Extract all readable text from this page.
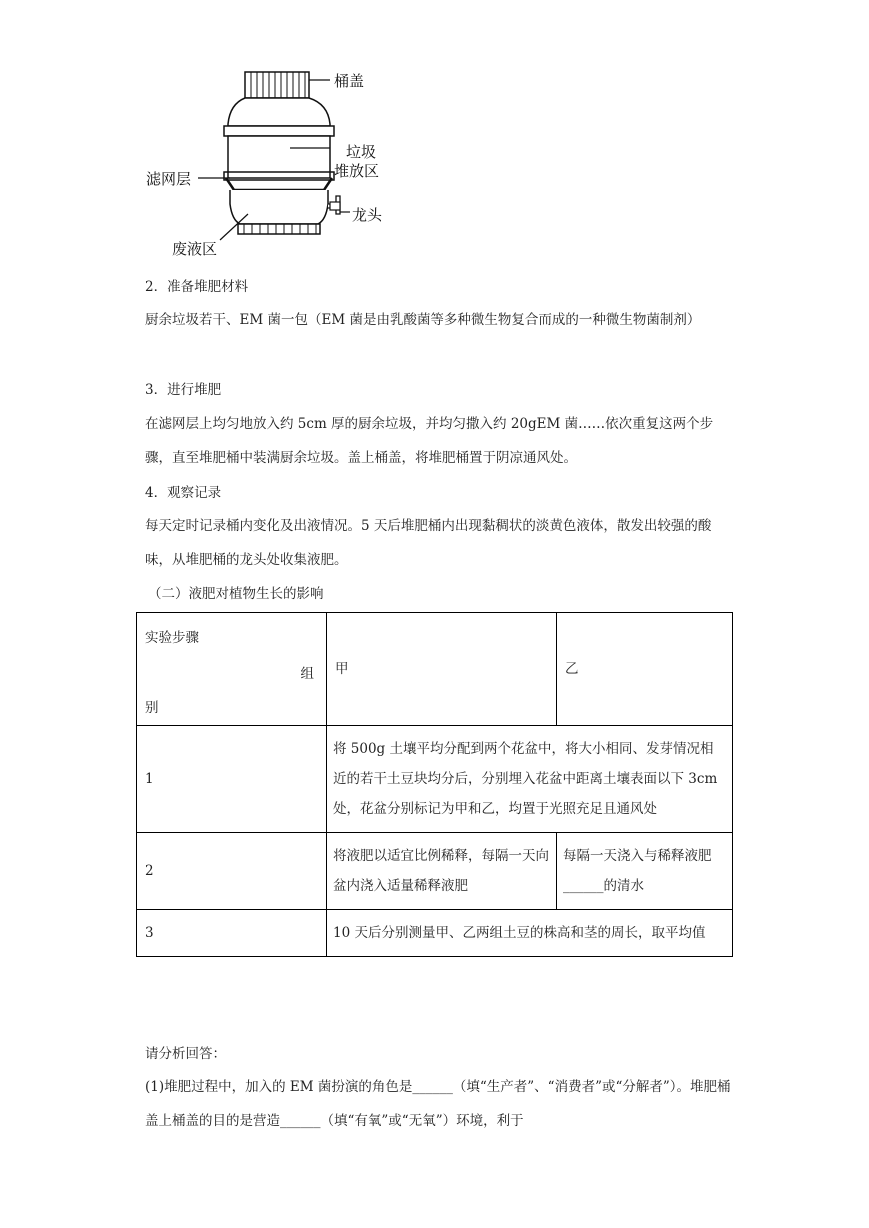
桶盖
垃圾
堆放区
滤网层
龙头
废液区
2．准备堆肥材料
厨余垃圾若干、EM 菌一包（EM 菌是由乳酸菌等多种微生物复合而成的一种微生物菌制剂）
3．进行堆肥
在滤网层上均匀地放入约 5cm 厚的厨余垃圾，并均匀撒入约 20gEM 菌……依次重复这两个步骤，直至堆肥桶中装满厨余垃圾。盖上桶盖，将堆肥桶置于阴凉通风处。
4．观察记录
每天定时记录桶内变化及出液情况。5 天后堆肥桶内出现黏稠状的淡黄色液体，散发出较强的酸味，从堆肥桶的龙头处收集液肥。
（二）液肥对植物生长的影响
实验步骤
组
别	甲	乙
1	将 500g 土壤平均分配到两个花盆中，将大小相同、发芽情况相近的若干土豆块均分后，分别埋入花盆中距离土壤表面以下 3cm 处，花盆分别标记为甲和乙，均置于光照充足且通风处	
2	将液肥以适宜比例稀释，每隔一天向盆内浇入适量稀释液肥	每隔一天浇入与稀释液肥______的清水
3	10 天后分别测量甲、乙两组土豆的株高和茎的周长，取平均值	
请分析回答：
(1)堆肥过程中，加入的 EM 菌扮演的角色是______（填“生产者”、“消费者”或“分解者”）。堆肥桶盖上桶盖的目的是营造______（填“有氧”或“无氧”）环境，利于
